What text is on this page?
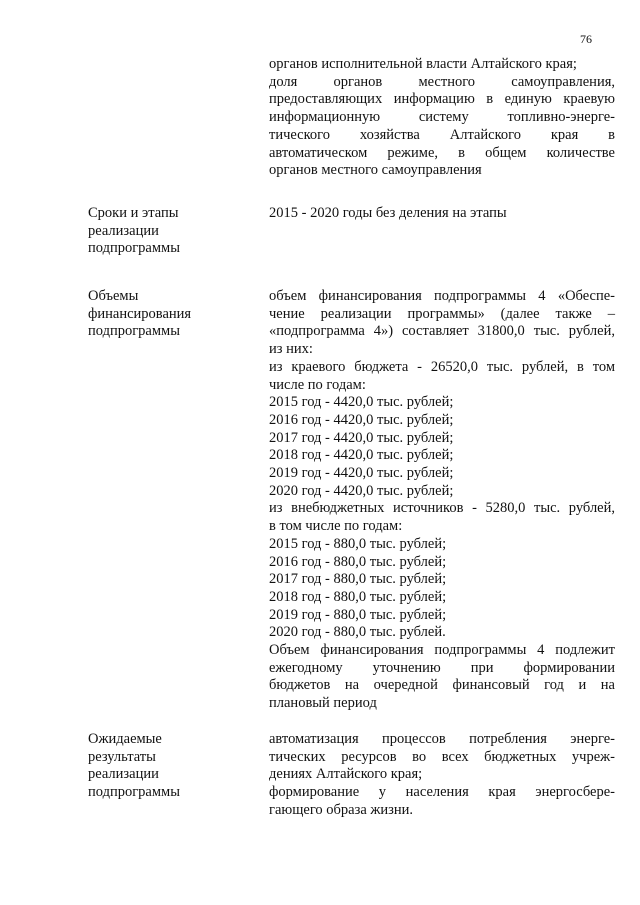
76
органов исполнительной власти Алтайского края;
доля органов местного самоуправления,
предоставляющих информацию в единую краевую
информационную систему топливно-энерге-
тического хозяйства Алтайского края в
автоматическом режиме, в общем количестве
органов местного самоуправления
Сроки и этапы
реализации
подпрограммы
2015 - 2020 годы без деления на этапы
Объемы
финансирования
подпрограммы
объем финансирования подпрограммы 4 «Обеспе-
чение реализации программы» (далее также –
«подпрограмма 4») составляет 31800,0 тыс. рублей,
из них:
из краевого бюджета - 26520,0 тыс. рублей, в том
числе по годам:
2015 год - 4420,0 тыс. рублей;
2016 год - 4420,0 тыс. рублей;
2017 год - 4420,0 тыс. рублей;
2018 год - 4420,0 тыс. рублей;
2019 год - 4420,0 тыс. рублей;
2020 год - 4420,0 тыс. рублей;
из внебюджетных источников - 5280,0 тыс. рублей,
в том числе по годам:
2015 год - 880,0 тыс. рублей;
2016 год - 880,0 тыс. рублей;
2017 год - 880,0 тыс. рублей;
2018 год - 880,0 тыс. рублей;
2019 год - 880,0 тыс. рублей;
2020 год - 880,0 тыс. рублей.
Объем финансирования подпрограммы 4 подлежит
ежегодному уточнению при формировании
бюджетов на очередной финансовый год и на
плановый период
Ожидаемые
результаты
реализации
подпрограммы
автоматизация процессов потребления энерге-
тических ресурсов во всех бюджетных учреж-
дениях Алтайского края;
формирование у населения края энергосбере-
гающего образа жизни.
